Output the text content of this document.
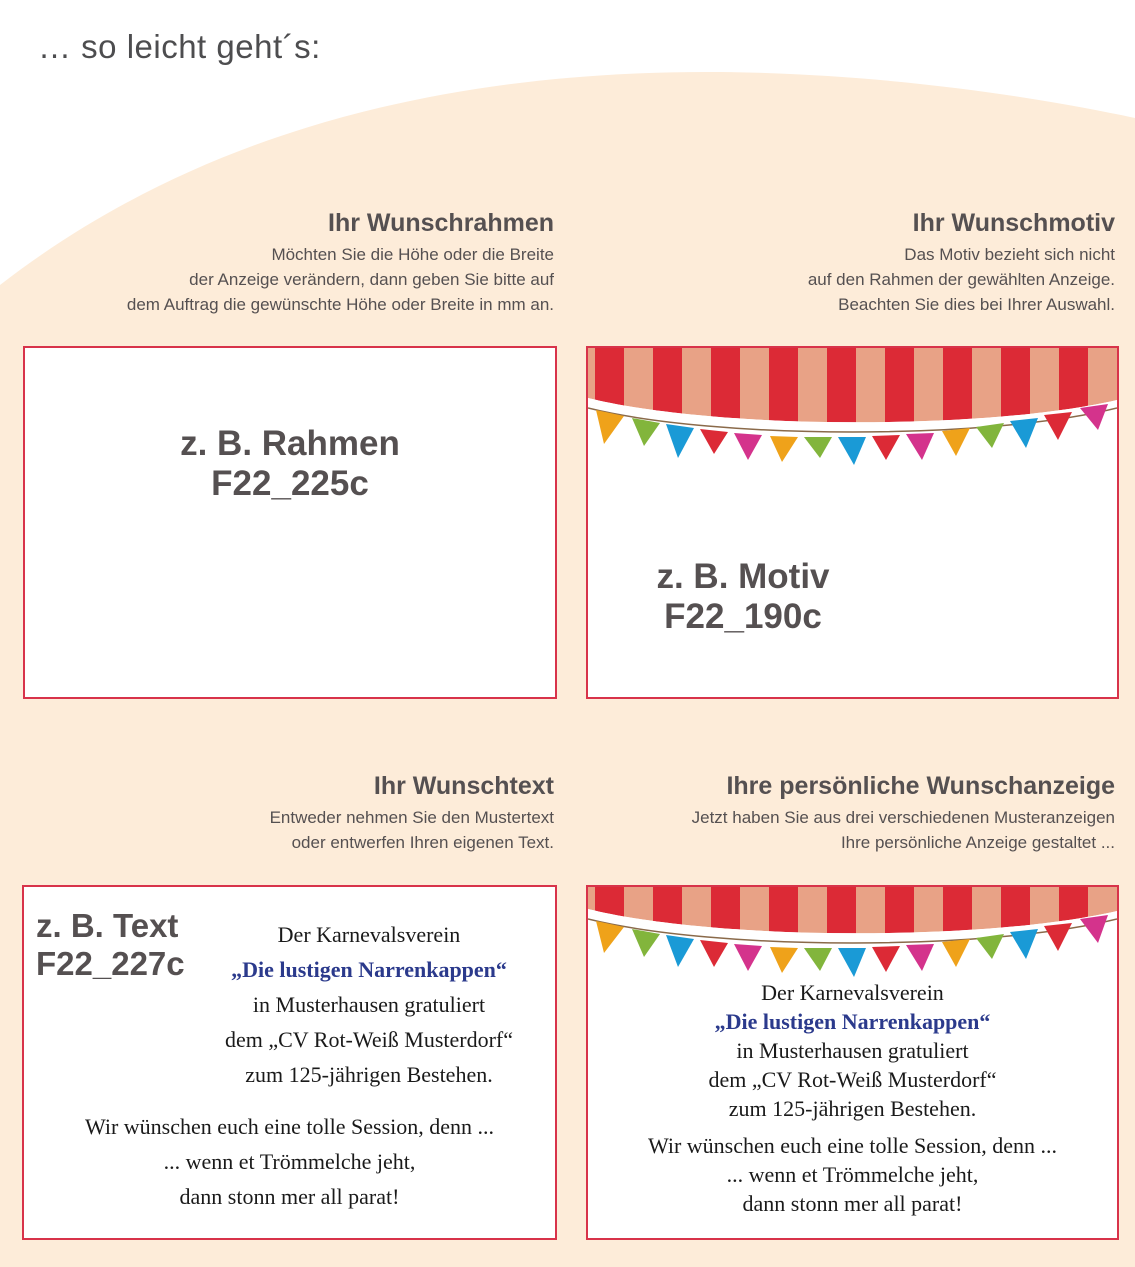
… so leicht geht´s:
Ihr Wunschrahmen

Möchten Sie die Höhe oder die Breite
der Anzeige verändern, dann geben Sie bitte auf
dem Auftrag die gewünschte Höhe oder Breite in mm an.

Ihr Wunschmotiv

Das Motiv bezieht sich nicht
auf den Rahmen der gewählten Anzeige.
Beachten Sie dies bei Ihrer Auswahl.

z. B. Rahmen
F22_225c
z. B. Motiv
F22_190c
Ihr Wunschtext

Entweder nehmen Sie den Mustertext
oder entwerfen Ihren eigenen Text.

Ihre persönliche Wunschanzeige

Jetzt haben Sie aus drei verschiedenen Musteranzeigen
Ihre persönliche Anzeige gestaltet ...

z. B. Text
F22_227c
Der Karnevalsverein
„Die lustigen Narrenkappen“
in Musterhausen gratuliert
dem „CV Rot-Weiß Musterdorf“
zum 125-jährigen Bestehen.
Wir wünschen euch eine tolle Session, denn ...
... wenn et Trömmelche jeht,
dann stonn mer all parat!
Der Karnevalsverein
„Die lustigen Narrenkappen“
in Musterhausen gratuliert
dem „CV Rot-Weiß Musterdorf“
zum 125-jährigen Bestehen.
Wir wünschen euch eine tolle Session, denn ...
... wenn et Trömmelche jeht,
dann stonn mer all parat!
